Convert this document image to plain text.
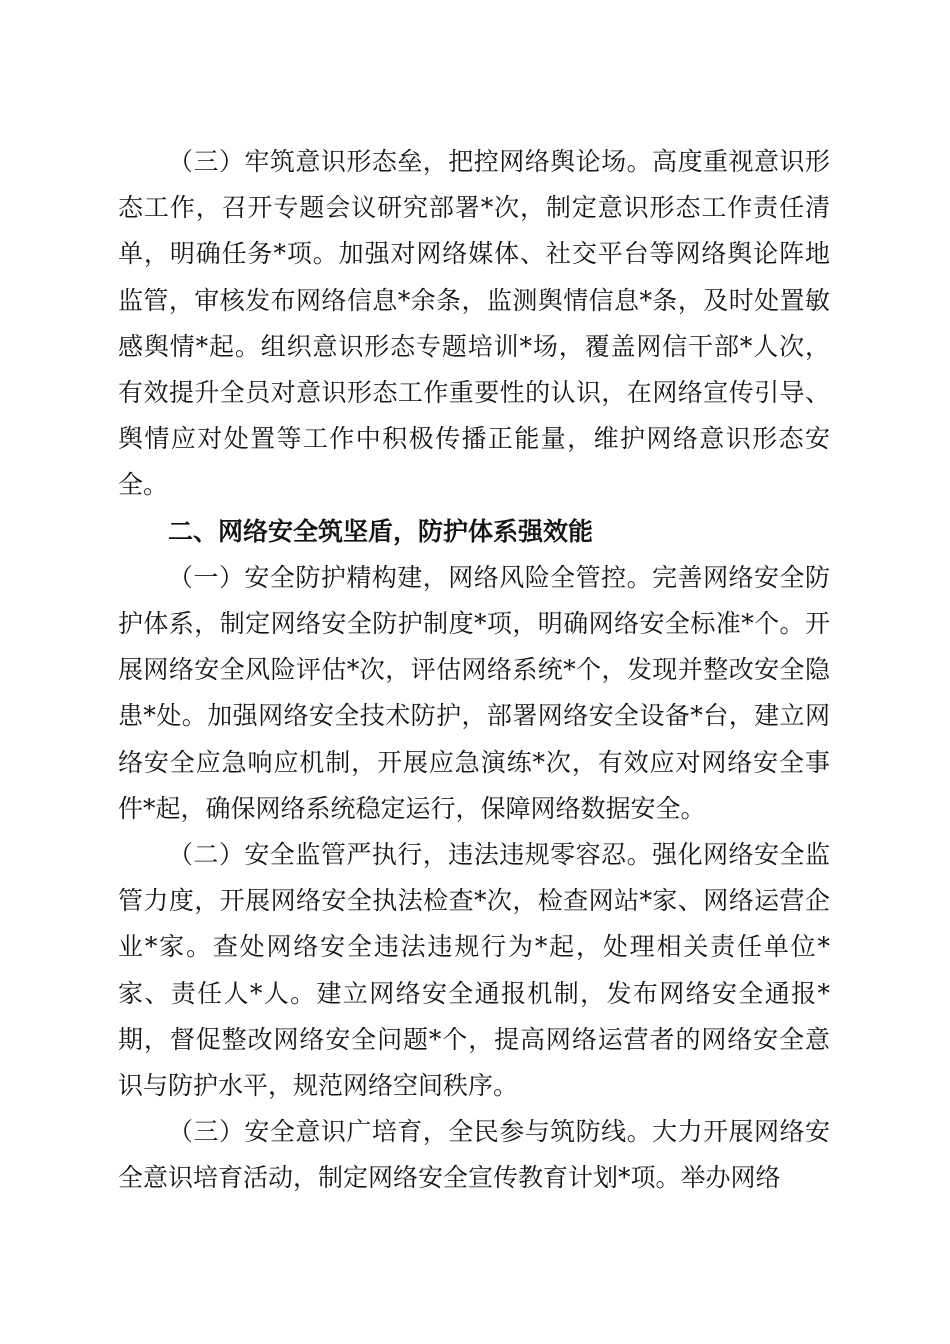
（三）牢筑意识形态垒，把控网络舆论场。高度重视意识形态工作，召开专题会议研究部署*次，制定意识形态工作责任清单，明确任务*项。加强对网络媒体、社交平台等网络舆论阵地监管，审核发布网络信息*余条，监测舆情信息*条，及时处置敏感舆情*起。组织意识形态专题培训*场，覆盖网信干部*人次，有效提升全员对意识形态工作重要性的认识，在网络宣传引导、舆情应对处置等工作中积极传播正能量，维护网络意识形态安全。

二、网络安全筑坚盾，防护体系强效能

（一）安全防护精构建，网络风险全管控。完善网络安全防护体系，制定网络安全防护制度*项，明确网络安全标准*个。开展网络安全风险评估*次，评估网络系统*个，发现并整改安全隐患*处。加强网络安全技术防护，部署网络安全设备*台，建立网络安全应急响应机制，开展应急演练*次，有效应对网络安全事件*起，确保网络系统稳定运行，保障网络数据安全。

（二）安全监管严执行，违法违规零容忍。强化网络安全监管力度，开展网络安全执法检查*次，检查网站*家、网络运营企业*家。查处网络安全违法违规行为*起，处理相关责任单位*家、责任人*人。建立网络安全通报机制，发布网络安全通报*期，督促整改网络安全问题*个，提高网络运营者的网络安全意识与防护水平，规范网络空间秩序。

（三）安全意识广培育，全民参与筑防线。大力开展网络安全意识培育活动，制定网络安全宣传教育计划*项。举办网络
